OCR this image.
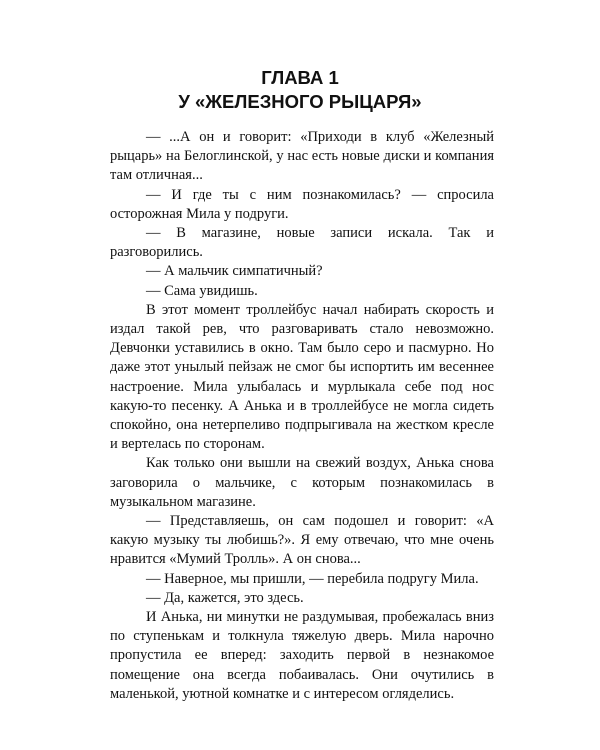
ГЛАВА 1
У «ЖЕЛЕЗНОГО РЫЦАРЯ»

— ...А он и говорит: «Приходи в клуб «Железный рыцарь» на Белоглинской, у нас есть новые диски и компания там отличная...

— И где ты с ним познакомилась? — спросила осторожная Мила у подруги.

— В магазине, новые записи искала. Так и разговорились.

— А мальчик симпатичный?

— Сама увидишь.

В этот момент троллейбус начал набирать скорость и издал такой рев, что разговаривать стало невозможно. Девчонки уставились в окно. Там было серо и пасмурно. Но даже этот унылый пейзаж не смог бы испортить им весеннее настроение. Мила улыбалась и мурлыкала себе под нос какую-то песенку. А Анька и в троллейбусе не могла сидеть спокойно, она нетерпеливо подпрыгивала на жестком кресле и вертелась по сторонам.

Как только они вышли на свежий воздух, Анька снова заговорила о мальчике, с которым познакомилась в музыкальном магазине.

— Представляешь, он сам подошел и говорит: «А какую музыку ты любишь?». Я ему отвечаю, что мне очень нравится «Мумий Тролль». А он снова...

— Наверное, мы пришли, — перебила подругу Мила.

— Да, кажется, это здесь.

И Анька, ни минутки не раздумывая, пробежалась вниз по ступенькам и толкнула тяжелую дверь. Мила нарочно пропустила ее вперед: заходить первой в незнакомое помещение она всегда побаивалась. Они очутились в маленькой, уютной комнатке и с интересом огляделись.
